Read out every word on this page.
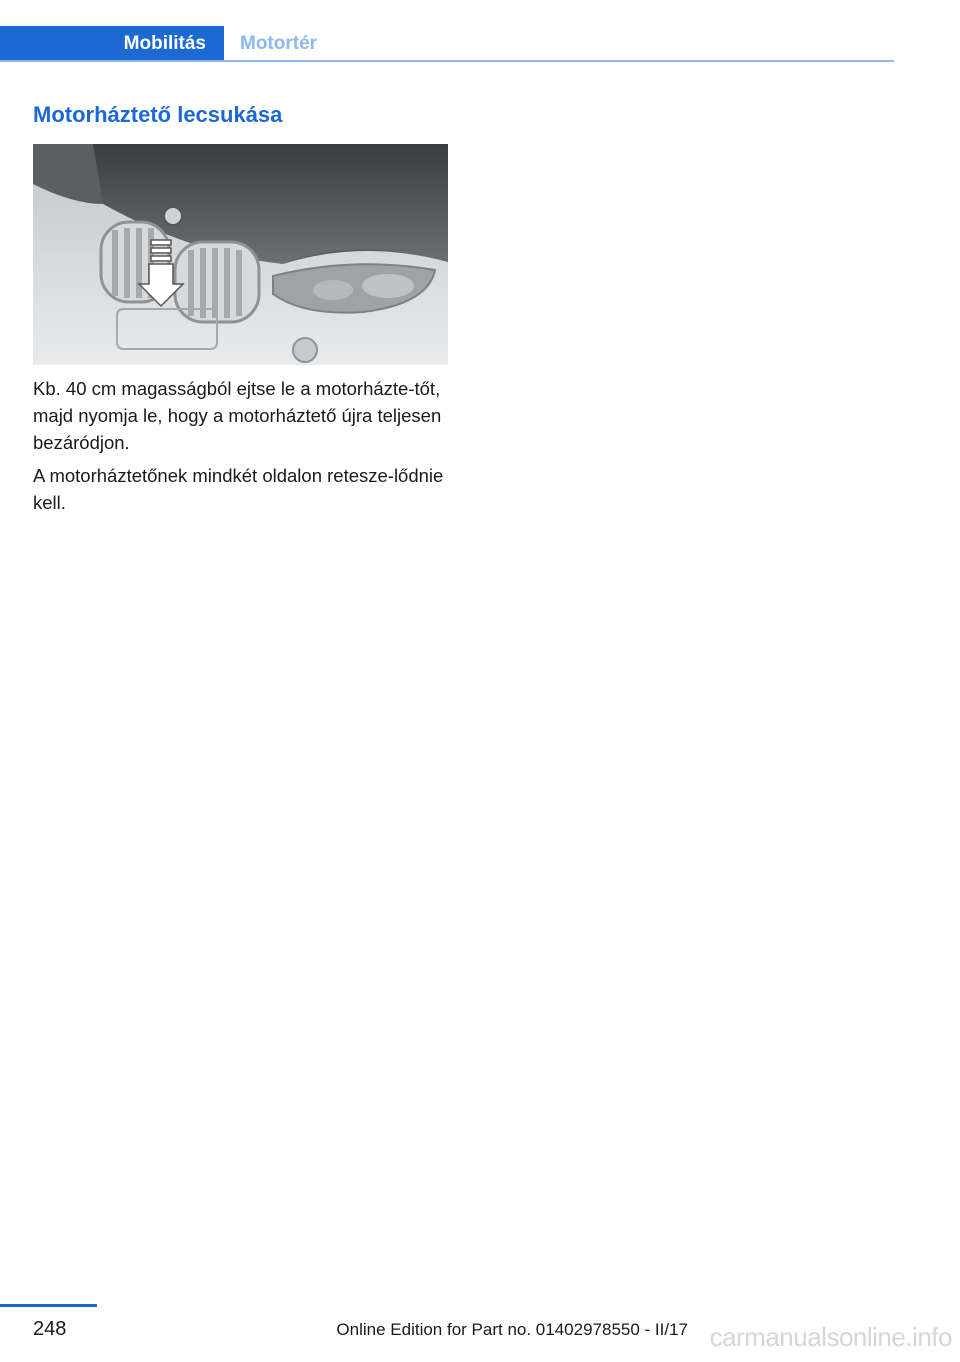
Mobilitás Motortér
Motorháztető lecsukása

Kb. 40 cm magasságból ejtse le a motorházte‐tőt, majd nyomja le, hogy a motorháztető újra teljesen bezáródjon.

A motorháztetőnek mindkét oldalon retesze‐lődnie kell.

248	Online Edition for Part no. 01402978550 - II/17 carmanualsonline.info
